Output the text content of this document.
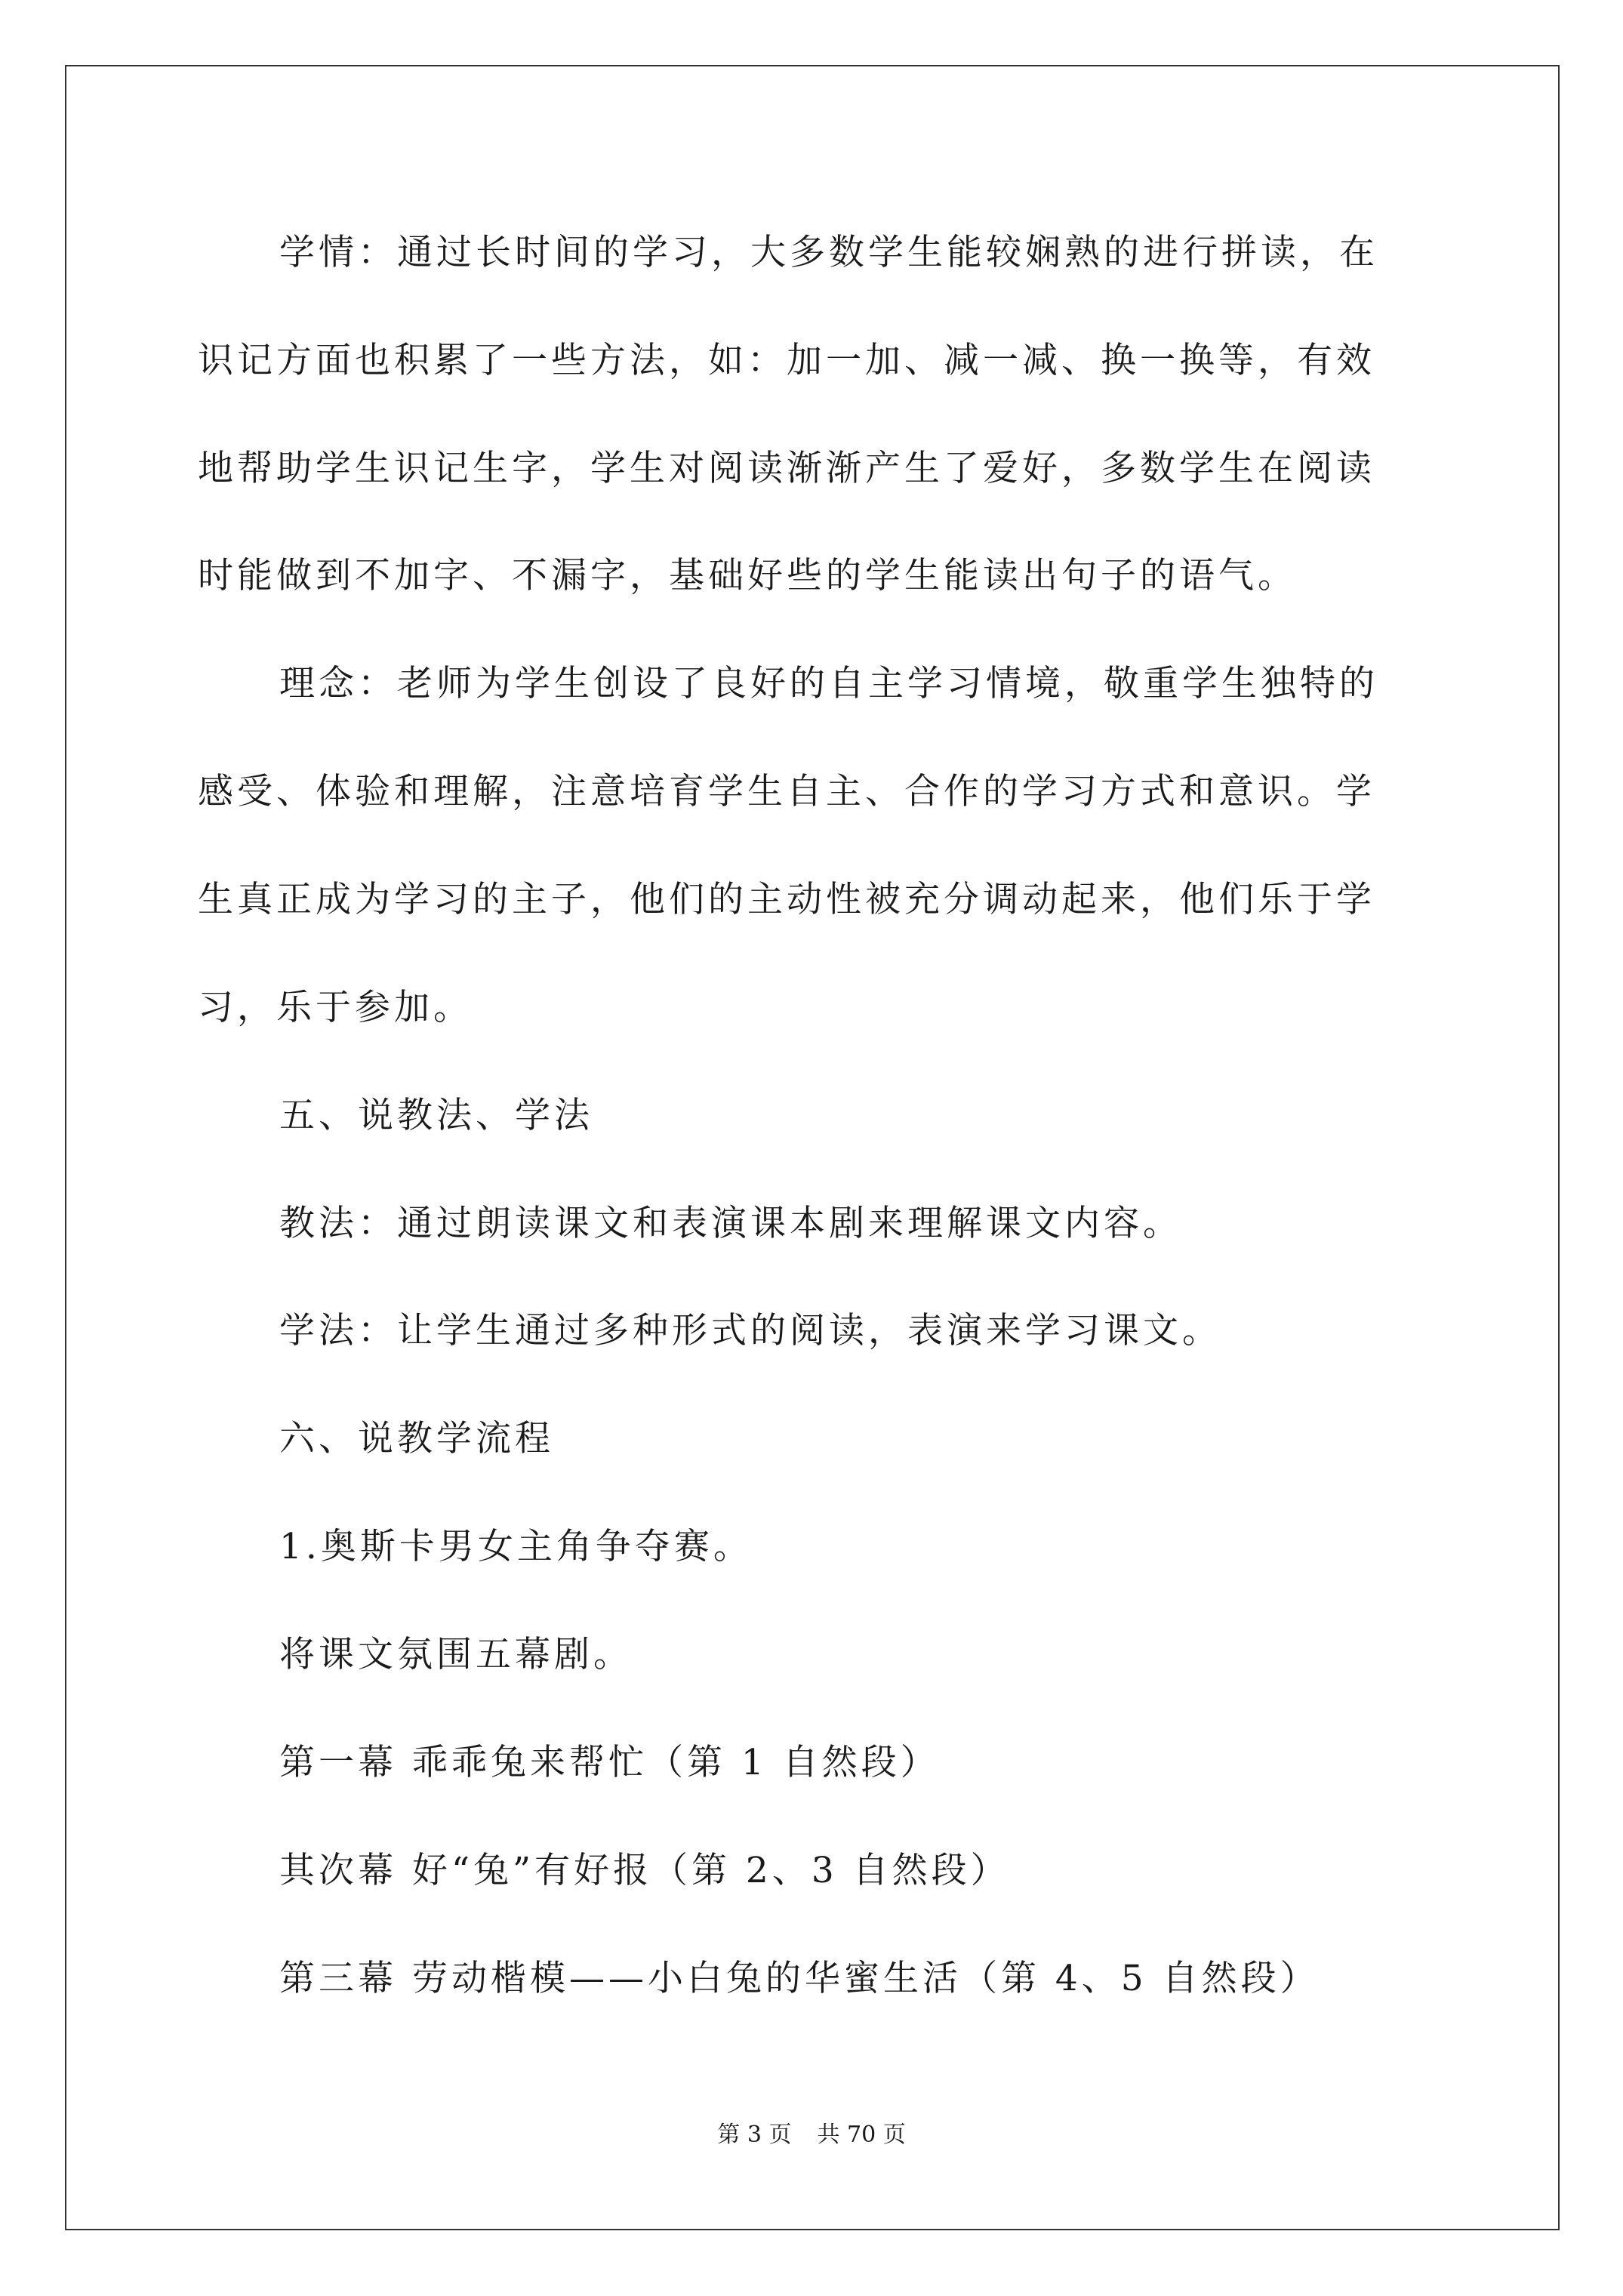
学情：通过长时间的学习，大多数学生能较娴熟的进行拼读，在
识记方面也积累了一些方法，如：加一加、减一减、换一换等，有效
地帮助学生识记生字，学生对阅读渐渐产生了爱好，多数学生在阅读
时能做到不加字、不漏字，基础好些的学生能读出句子的语气。
理念：老师为学生创设了良好的自主学习情境，敬重学生独特的
感受、体验和理解，注意培育学生自主、合作的学习方式和意识。学
生真正成为学习的主子，他们的主动性被充分调动起来，他们乐于学
习，乐于参加。
五、说教法、学法
教法：通过朗读课文和表演课本剧来理解课文内容。
学法：让学生通过多种形式的阅读，表演来学习课文。
六、说教学流程
1.奥斯卡男女主角争夺赛。
将课文氛围五幕剧。
第一幕 乖乖兔来帮忙（第 1 自然段）
其次幕 好“兔”有好报（第 2、3 自然段）
第三幕 劳动楷模——小白兔的华蜜生活（第 4、5 自然段）
第 3 页 共 70 页
